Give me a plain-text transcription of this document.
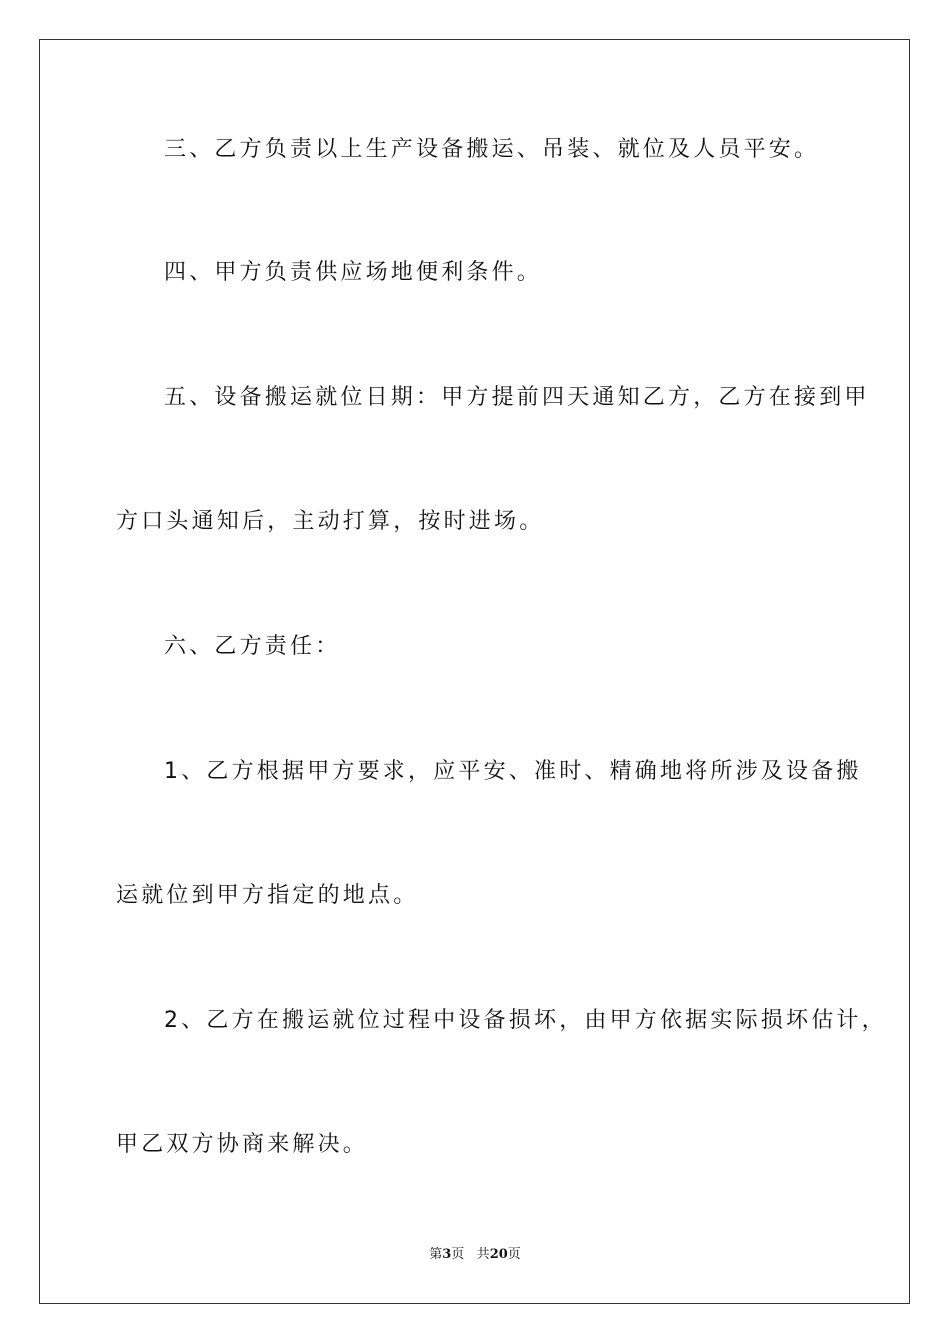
三、乙方负责以上生产设备搬运、吊装、就位及人员平安。
四、甲方负责供应场地便利条件。
五、设备搬运就位日期：甲方提前四天通知乙方，乙方在接到甲
方口头通知后，主动打算，按时进场。
六、乙方责任：
1、乙方根据甲方要求，应平安、准时、精确地将所涉及设备搬
运就位到甲方指定的地点。
2、乙方在搬运就位过程中设备损坏，由甲方依据实际损坏估计，
甲乙双方协商来解决。
第3页 共20页
